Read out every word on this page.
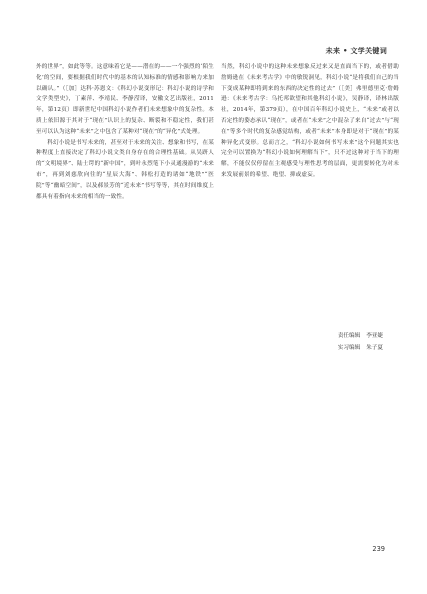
未来 • 文学关键词

外的世界”，如此等等。这意味着它是——潜在的——一个强烈的‘陌生化’的空间，要根据我们时代中的基本的认知标准的情感和影响力来加以确认。”（［加］达科·苏恩文：《科幻小说变形记：科幻小说的诗学和文学类型史》，丁素萍、李靖民、李静滢译，安徽文艺出版社，2011年，第12页）即新世纪中国科幻小说作者们未来想象中的复杂性。本质上依旧源于其对于“现在”认识上的复杂、断裂和不稳定性，我们甚至可以认为这种“未来”之中包含了某种对“现在”的“异化”式处理。

科幻小说是书写未来的，甚至对于未来的关注、想象和书写，在某种程度上直接决定了科幻小说文类自身存在的合理性基础。从吴趼人的“文明境界”、陆士谔的“新中国”，到叶永烈笔下小灵通漫游的“未来市”，再到刘慈欣向往的“星辰大海”、韩松打造的诸如“地铁”“医院”等“幽暗空间”，以及郝景芳的“近未来”书写等等，其在时间维度上都具有着指向未来的相当的一致性。

当然，科幻小说中的这种未来想象反过来又是直面当下的，或者借助詹姆逊在《未来考古学》中的敏锐洞见，科幻小说“是将我们自己的当下变成某种即将到来的东西的决定性的过去”（［美］弗里德里克·詹姆逊：《未来考古学：乌托邦欲望和其他科幻小说》，吴静译，译林出版社，2014年，第379页），在中国百年科幻小说史上，“未来”或者以否定性的姿态承认“现在”，或者在“未来”之中混杂了来自“过去”与“现在”等多个时代的复杂感觉结构，或者“未来”本身即是对于“现在”的某种异化式变形。总而言之，“科幻小说如何书写未来”这个问题其实也完全可以置换为“科幻小说如何理解当下”，只不过这种对于当下的理解，不能仅仅停留在主观感受与理性思考的层面，更需要转化为对未来发展前景的希望、绝望、抑或虚妄。

责任编辑 李亚婕
实习编辑 朱子夏
239
